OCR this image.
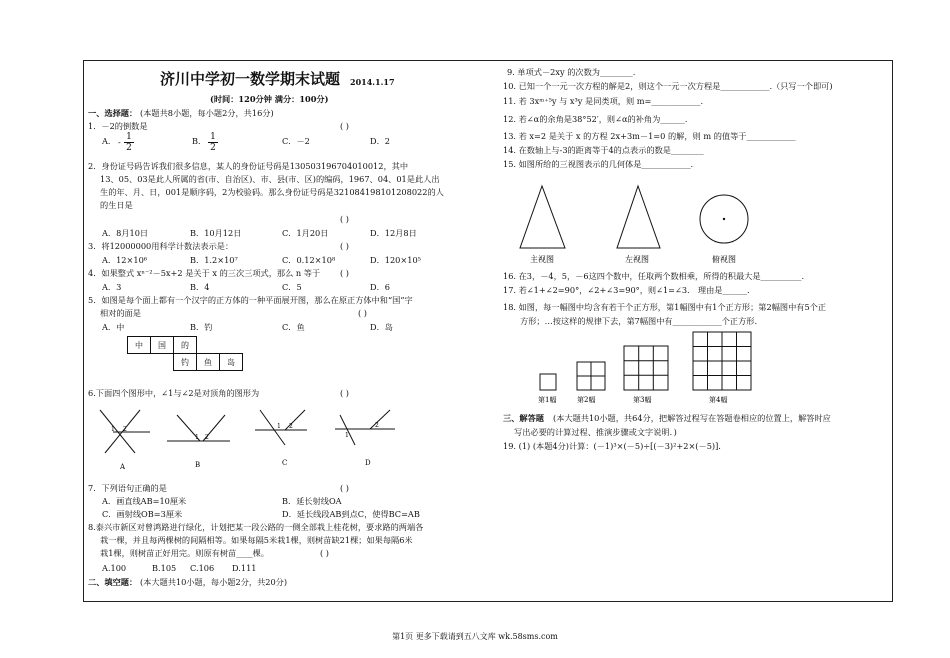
济川中学初一数学期末试题 2014.1.17
(时间：120分钟 满分：100分)
一、选择题： (本题共8小题，每小题2分，共16分)
1．－2的倒数是	( )
A． - $\frac{1}{2}$	B． $\frac{1}{2}$	C．－2	D．2
2．身份证号码告诉我们很多信息，某人的身份证号码是130503196704010012，其中
13、05、03是此人所属的省(市、自治区)、市、县(市、区)的编码，1967、04、01是此人出
生的年、月、日，001是顺序码，2为校验码。那么身份证号码是321084198101208022的人
的生日是
( )
A．8月10日	B．10月12日	C．1月20日	D．12月8日
3．将12000000用科学计数法表示是：	( )
A．12×10⁶	B．1.2×10⁷	C．0.12×10⁸	D．120×10⁵
4．如果整式 xⁿ⁻²－5x+2 是关于 x 的三次三项式，那么 n 等于 ( )
A．3	B．4	C．5	D．6
5．如图是每个面上都有一个汉字的正方体的一种平面展开图，那么在原正方体中和“国”字
相对的面是	( )
A．中	B．钓	C．鱼	D．岛
中	国	的		
		钓	鱼	岛
6.下面四个图形中，∠1与∠2是对顶角的图形为	( )
1 2
1 2
1 2
1
2
A	B	C	D
7．下列语句正确的是	( )
A．画直线AB=10厘米	B．延长射线OA
C．画射线OB=3厘米	D．延长线段AB到点C，使得BC=AB
8.泰兴市新区对曾鸿路进行绿化，计划把某一段公路的一侧全部栽上桂花树，要求路的两端各
栽一棵，并且每两棵树的间隔相等。如果每隔5米栽1棵，则树苗缺21棵；如果每隔6米
栽1棵，则树苗正好用完。则原有树苗____棵。	( )
A.100	B.105 C.106 D.111
二、填空题： (本大题共10小题，每小题2分，共20分)
9. 单项式－2xy 的次数为________.
10. 已知一个一元一次方程的解是2，则这个一元一次方程是____________.（只写一个即可)
11. 若 3xᵐ⁺⁵y 与 x³y 是同类项，则 m=____________.
12. 若∠α的余角是38°52′，则∠α的补角为______.
13. 若 x=2 是关于 x 的方程 2x+3m－1=0 的解，则 m 的值等于____________
14. 在数轴上与-3的距离等于4的点表示的数是________
15. 如图所给的三视图表示的几何体是____________.
主视图	左视图	俯视图
16. 在3，－4，5，－6这四个数中，任取两个数相乘，所得的积最大是__________.
17. 若∠1+∠2=90°，∠2+∠3=90°，则∠1=∠3． 理由是______.
18. 如图，每一幅图中均含有若干个正方形，第1幅图中有1个正方形；第2幅图中有5个正
方形；…按这样的规律下去，第7幅图中有____________个正方形.
第1幅	第2幅	第3幅	第4幅
三、解答题 (本大题共10小题，共64分，把解答过程写在答题卷相应的位置上，解答时应
写出必要的计算过程、推演步骤或文字说明．)
19. (1) (本题4分)计算：(－1)³×(－5)÷[(－3)²+2×(－5)].
第1页 更多下载请到五八文库 wk.58sms.com
